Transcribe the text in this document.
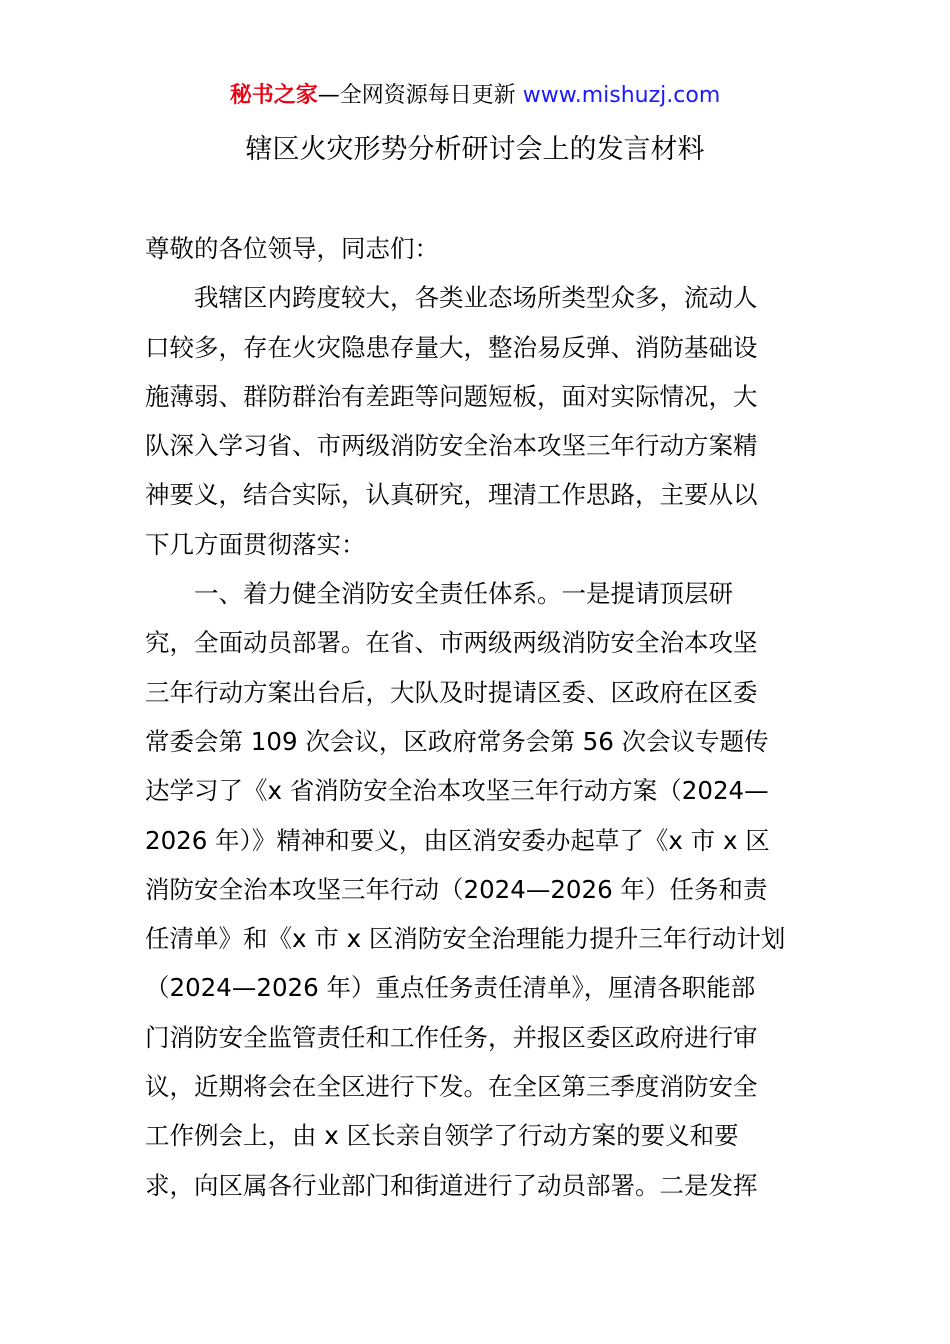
秘书之家—全网资源每日更新 www.mishuzj.com
辖区火灾形势分析研讨会上的发言材料
尊敬的各位领导，同志们：
我辖区内跨度较大，各类业态场所类型众多，流动人
口较多，存在火灾隐患存量大，整治易反弹、消防基础设
施薄弱、群防群治有差距等问题短板，面对实际情况，大
队深入学习省、市两级消防安全治本攻坚三年行动方案精
神要义，结合实际，认真研究，理清工作思路，主要从以
下几方面贯彻落实：
一、着力健全消防安全责任体系。一是提请顶层研
究，全面动员部署。在省、市两级两级消防安全治本攻坚
三年行动方案出台后，大队及时提请区委、区政府在区委
常委会第 109 次会议，区政府常务会第 56 次会议专题传
达学习了《x 省消防安全治本攻坚三年行动方案（2024—
2026 年）》精神和要义，由区消安委办起草了《x 市 x 区
消防安全治本攻坚三年行动（2024—2026 年）任务和责
任清单》和《x 市 x 区消防安全治理能力提升三年行动计划
（2024—2026 年）重点任务责任清单》，厘清各职能部
门消防安全监管责任和工作任务，并报区委区政府进行审
议，近期将会在全区进行下发。在全区第三季度消防安全
工作例会上，由 x 区长亲自领学了行动方案的要义和要
求，向区属各行业部门和街道进行了动员部署。二是发挥
